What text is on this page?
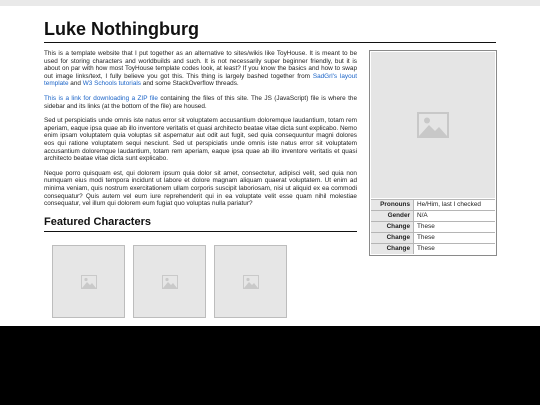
Luke Nothingburg

This is a template website that I put together as an alternative to sites/wikis like ToyHouse. It is meant to be used for storing characters and worldbuilds and such. It is not necessarily super beginner friendly, but it is about on par with how most ToyHouse template codes look, at least? If you know the basics and how to swap out image links/text, I fully believe you got this. This thing is largely bashed together from SadGrl's layout template and W3 Schools tutorials and some StackOverflow threads.

This is a link for downloading a ZIP file containing the files of this site. The JS (JavaScript) file is where the sidebar and its links (at the bottom of the file) are housed.

Sed ut perspiciatis unde omnis iste natus error sit voluptatem accusantium doloremque laudantium, totam rem aperiam, eaque ipsa quae ab illo inventore veritatis et quasi architecto beatae vitae dicta sunt explicabo. Nemo enim ipsam voluptatem quia voluptas sit aspernatur aut odit aut fugit, sed quia consequuntur magni dolores eos qui ratione voluptatem sequi nesciunt. Sed ut perspiciatis unde omnis iste natus error sit voluptatem accusantium doloremque laudantium, totam rem aperiam, eaque ipsa quae ab illo inventore veritatis et quasi architecto beatae vitae dicta sunt explicabo.

Neque porro quisquam est, qui dolorem ipsum quia dolor sit amet, consectetur, adipisci velit, sed quia non numquam eius modi tempora incidunt ut labore et dolore magnam aliquam quaerat voluptatem. Ut enim ad minima veniam, quis nostrum exercitationem ullam corporis suscipit laboriosam, nisi ut aliquid ex ea commodi consequatur? Quis autem vel eum iure reprehenderit qui in ea voluptate velit esse quam nihil molestiae consequatur, vel illum qui dolorem eum fugiat quo voluptas nulla pariatur?

Featured Characters
Pronouns	He/Him, last I checked
Gender	N/A
Change	These
Change	These
Change	These
